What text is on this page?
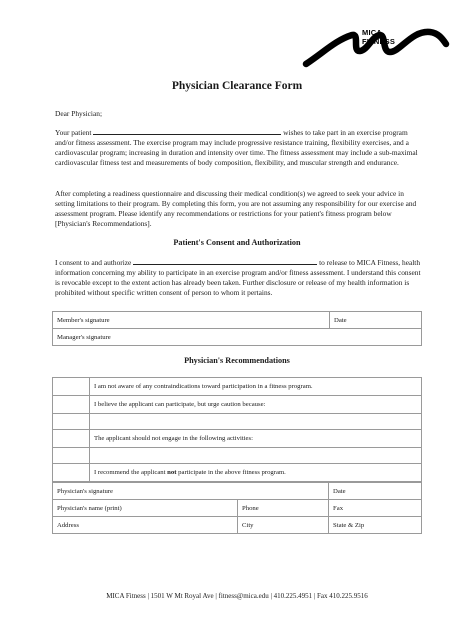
MICA
FITNESS
Physician Clearance Form
Dear Physician;
Your patient	wishes to take part in an exercise program and/or fitness assessment. The exercise program may include progressive resistance training, flexibility exercises, and a cardiovascular program; increasing in duration and intensity over time. The fitness assessment may include a sub-maximal cardiovascular fitness test and measurements of body composition, flexibility, and muscular strength and endurance.
After completing a readiness questionnaire and discussing their medical condition(s) we agreed to seek your advice in setting limitations to their program. By completing this form, you are not assuming any responsibility for our exercise and assessment program. Please identify any recommendations or restrictions for your patient's fitness program below [Physician's Recommendations].
Patient's Consent and Authorization
I consent to and authorize	to release to MICA Fitness, health information concerning my ability to participate in an exercise program and/or fitness assessment. I understand this consent is revocable except to the extent action has already been taken. Further disclosure or release of my health information is prohibited without specific written consent of person to whom it pertains.
Member's signature	Date
Manager's signature
Physician's Recommendations
	I am not aware of any contraindications toward participation in a fitness program.
	I believe the applicant can participate, but urge caution because:

	The applicant should not engage in the following activities:

	I recommend the applicant not participate in the above fitness program.
Physician's signature		Date
Physician's name (print)	Phone	Fax
Address	City	State & Zip
MICA Fitness | 1501 W Mt Royal Ave | fitness@mica.edu | 410.225.4951 | Fax 410.225.9516
